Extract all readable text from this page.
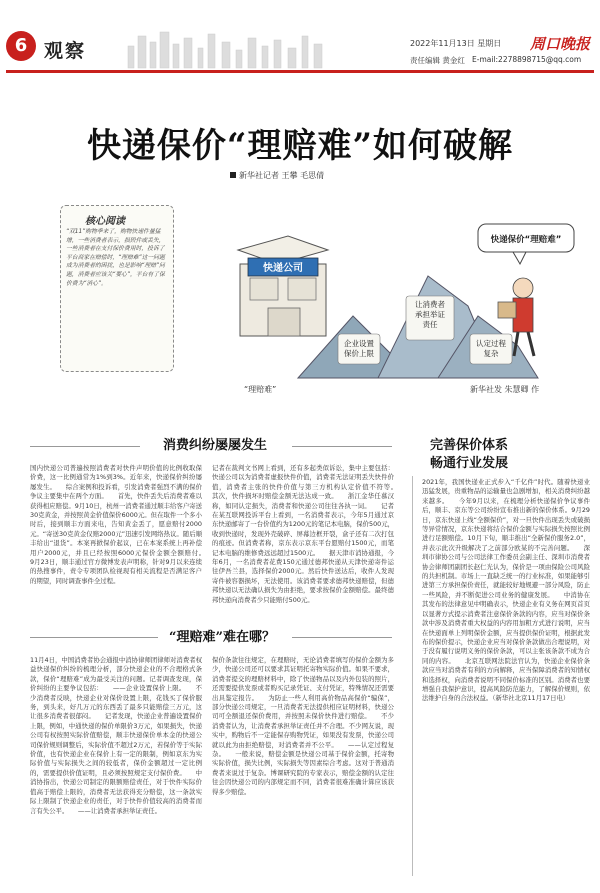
6 观察	2022年11月13日 星期日 周口晚报
责任编辑 黄金红 E-mail:2278898715@qq.com
快递保价“理赔难”如何破解
新华社记者 王攀 毛思倩
核心阅读
“双11”购物季来了，购物快递件量猛增，一些消费者表示，损毁件或丢失，一些消费者在支付保价费用时，投诉了平台商家在赔偿时，“理赔难”这一问题成为消费者的困扰，也是影响“理赔”问题，消费者应该关“要心”，平台有了保价费为“消心”。
快递公司
让消费者承担举证责任
认定过程复杂
企业设置保价上限
快递保价“理赔难”
“理赔难”	新华社发 朱慧卿 作
消费纠纷屡屡发生
国内快递公司普遍按照消费者对快件声明价值的比例收取保价费，这一比例通常为1%到3%。近年来，快递保价纠纷屡屡发生。　　综合案例和投诉看，引发消费者强烈不满的保价争议主要集中在两个方面。　　首先，快件丢失后消费者难以获得相应赔偿。9月10日，杭州一消费者通过顺丰给客户寄送30克黄金，并按照黄金价值保价6000元。但在取件一个多小时后，接到顺丰方面来电，告知黄金丢了，愿意赔付2000元。“寄送30克黄金仅赔2000元”迅速引发网络热议。随后顺丰给出“退货”。本案再掀保价起议，已在本案系统上再补偿用户2000元，并且已经按照6000元保价金额全额赔付。　　9月23日，顺丰通过官方微博发表声明称，针对9月以来连续的热搜事件，责令专项团队检视现有相关流程是否满足客户的期望，同时调查事件全过程。
记者在裁判文书网上看到，还有多起类似诉讼，集中主要包括：快递公司以为消费者虚报快件价值，消费者无法证明丢失快件价值，消费者主张的快件价值与第三方机构认定价值不符等。　　其次，快件损坏时赔偿金额无法达成一致。　　浙江金华任慕汉称，如同认定损失，消费者和快递公司往往各执一词。　　记者在某互联网投诉平台上看到，一名消费者表示，今年5月通过京东快递邮寄了一台价值约为1200元的笔记本电脑，保价500元，收到快递时，发现外壳破碎、屏幕边框开裂，盒子还有二次打包的痕迹。但消费者称，京东表示京东平台愿赔付1500元，而笔记本电脑的维修费远远超过1500元。　　据天津市消协通报，今年6月，一名消费者花费150元通过德邦快递从天津快递寄件运往伊吾兰县，选择保价2000元。然后快件送达后，收件人发现寄件被容器损坏，无法使用。该消费者要求德邦快递赔偿，但德邦快递以无法确认损失为由拒绝，要求按保价金额赔偿。最终德邦快递向消费者少只能赔付500元。
“理赔难”难在哪？
11月4日，中国消费者协会通报中消协律师团律师对消费者权益快递保价纠纷的梳理分析，部分快递企业的不合理格式条款，保价“理赔难”成为最受关注的问题。记者调查发现，保价纠纷的主要争议包括：　　——企业设置保价上限。　　不少消费者反映，快递企业对保价设置上限，花钱买了保价服务，到头来，好几万元的东西丢了最多只能赔偿三万元，这让很多消费者很郁闷。　　记者发现，快递企业普遍设置保价上限，例如，中通快递的保价单限价3万元，如果损失，快递公司有权按照实际价值赔偿，顺丰快递保价单本金的快递公司保价规则调整后，实际价值不超过2万元，若保价等于实际价值，也有快递企业在保价上有一定的限制，例如京东为实际价值与实际损失之间的较低者，保价金额超过一定比例的，需要提供价值证明，且必须按照规定支付保价费。　　中消协指出，快递公司制定的限额赔偿责任，对于快件实际价值高于赔偿上限的，消费者无法获得充分赔偿，这一条款实际上限制了快递企业的责任，对于快件价值较高的消费者而言有失公平。　　——让消费者承担举证责任。
保价条款往往规定，在理赔时，无论消费者填写的保价金额为多少，快递公司还可以要求其证明托寄物实际价值。如果不要求，消费者提交的理赔材料中，除了快递物品以及内外包装的照片，还需要提供发票或者购买记录凭证、支付凭证，特殊情况还需要出具鉴定报告。　　为防止一些人利用高价物品高保价“骗保”，部分快递公司规定，一旦消费者无法提供相应证明材料，快递公司可全额退还保价费用，并按照未保价快件进行赔偿。　　不少消费者认为，让消费者承担举证责任并不合理。不少网友说，现实中，购物后不一定能保存购物凭证，如果没有发票，快递公司就以此为由拒绝赔偿，对消费者并不公平。　　——认定过程复杂。　　一般来说，赔偿金额是快递公司基于保价金额，托寄物实际价值，损失比例，实际损失等因素综合考虑。这对于普通消费者来说过于复杂。博课研究院的专家表示，赔偿金额的认定往往会因快递公司的内部规定而不同，消费者很难准确计算应该获得多少赔偿。
完善保价体系
畅通行业发展
2021年，我国快递业正式步入“千亿件”时代。随着快递业迅猛发展，贵重物品的运输量也急剧增加，相关消费纠纷越来越多。　　今年9月以来，在梳理分析快递保价争议事件后，顺丰、京东等公司纷纷宣布推出新的保价体系。9月29日，京东快递上线“全额保价”，对一旦快件出现丢失或破损等异常情况，京东快递将结合保价金额与实际损失按照比例进行足额赔偿。10月下旬，顺丰推出“全新保价服务2.0”，并表示此次升级解决了之前部分欧某的不完善问题。　　深圳市律协公司与公司法律工作委员会副主任、深圳市消费者协会律师团副团长赵仁光认为，保价是一项由保险公司风险的共担机制。市场上一直缺乏统一的行业标准，如果能够引进第三方承担保价责任，就能较好地规避一部分风险，防止一些风险，并不断促进公司业务的健康发展。　　中消协在其发布的法律意见中明确表示，快递企业有义务在网页首页以显著方式提示消费者注意保价条款的内容，应当对保价条款中涉及消费者重大权益的内容用加粗方式进行说明，应当在快递面单上列明保价金额，应当提供保价证明，根据此发布的保价提示，快递企业应当对保价条款做出合理说明，对于没有履行说明义务的保价条款，可以主张该条款不成为合同的内容。　　北京互联网法院法官认为，快递企业保价条款应当对消费者有利的方向解释，应当保障消费者的知情权和选择权，向消费者说明不同保价标准的区别。消费者也要增强自我保护意识，提高风险防范能力，了解保价规则，依法维护自身的合法权益。（新华社北京11月17日电）
